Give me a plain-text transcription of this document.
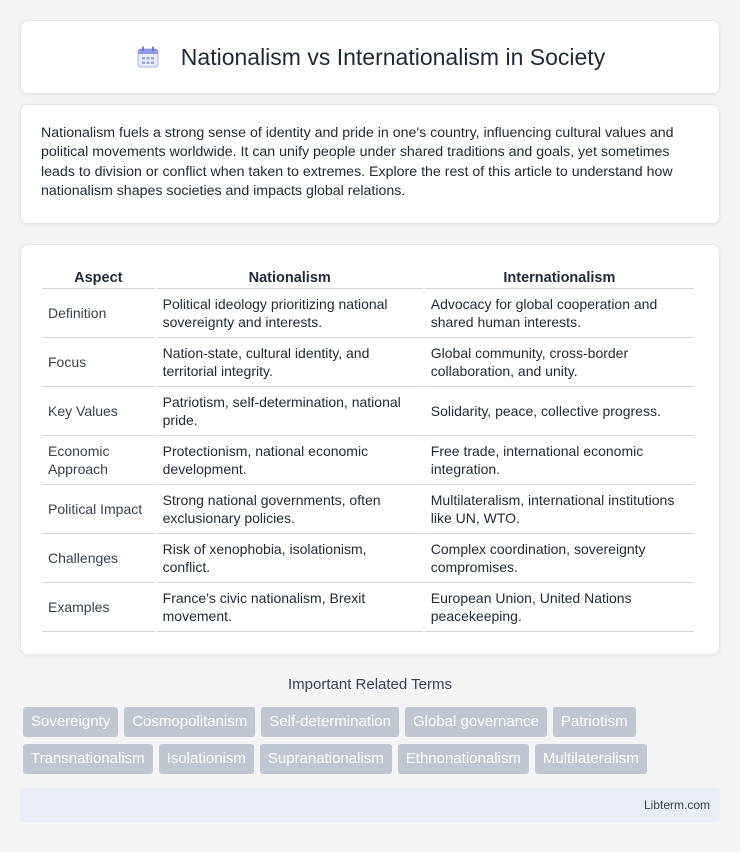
Nationalism vs Internationalism in Society

Nationalism fuels a strong sense of identity and pride in one's country, influencing cultural values and political movements worldwide. It can unify people under shared traditions and goals, yet sometimes leads to division or conflict when taken to extremes. Explore the rest of this article to understand how nationalism shapes societies and impacts global relations.

Aspect	Nationalism	Internationalism
Definition	Political ideology prioritizing national sovereignty and interests.	Advocacy for global cooperation and shared human interests.
Focus	Nation-state, cultural identity, and territorial integrity.	Global community, cross-border collaboration, and unity.
Key Values	Patriotism, self-determination, national pride.	Solidarity, peace, collective progress.
Economic Approach	Protectionism, national economic development.	Free trade, international economic integration.
Political Impact	Strong national governments, often exclusionary policies.	Multilateralism, international institutions like UN, WTO.
Challenges	Risk of xenophobia, isolationism, conflict.	Complex coordination, sovereignty compromises.
Examples	France's civic nationalism, Brexit movement.	European Union, United Nations peacekeeping.
Important Related Terms
Sovereignty	Cosmopolitanism	Self-determination	Global governance	Patriotism
Transnationalism	Isolationism	Supranationalism	Ethnonationalism	Multilateralism
Libterm.com
